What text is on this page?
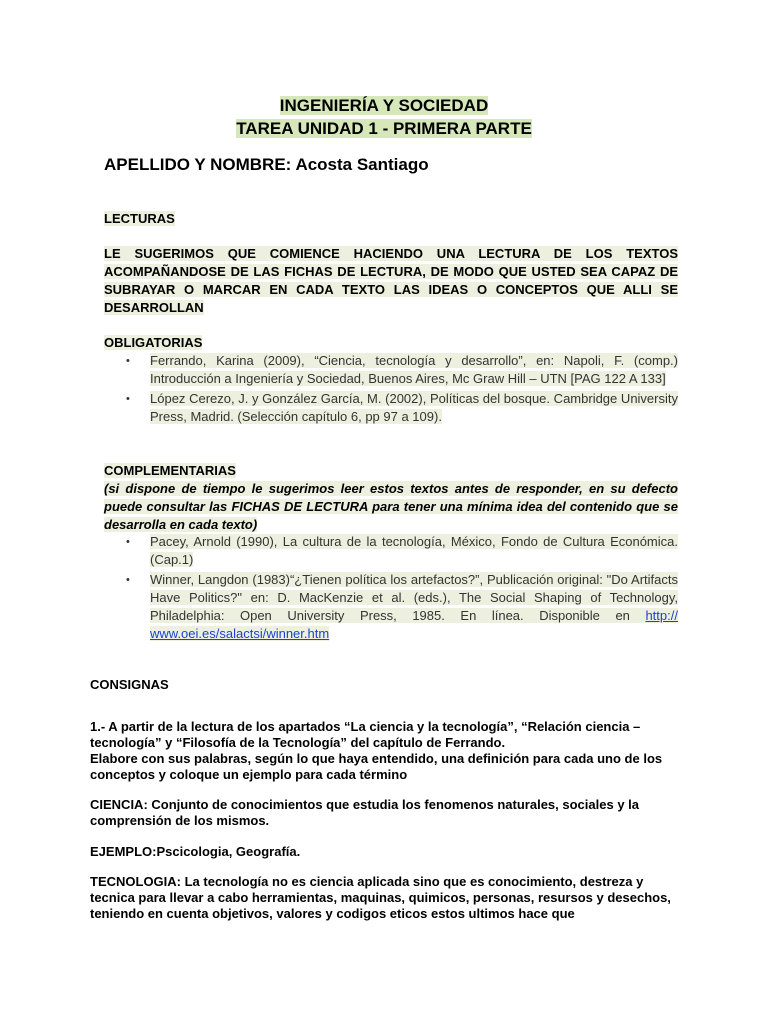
INGENIERÍA Y SOCIEDAD
TAREA UNIDAD 1 - PRIMERA PARTE
APELLIDO Y NOMBRE: Acosta Santiago
LECTURAS
LE SUGERIMOS QUE COMIENCE HACIENDO UNA LECTURA DE LOS TEXTOS ACOMPAÑANDOSE DE LAS FICHAS DE LECTURA, DE MODO QUE USTED SEA CAPAZ DE SUBRAYAR O MARCAR EN CADA TEXTO LAS IDEAS O CONCEPTOS QUE ALLI SE DESARROLLAN
OBLIGATORIAS
• Ferrando, Karina (2009), “Ciencia, tecnología y desarrollo”, en: Napoli, F. (comp.) Introducción a Ingeniería y Sociedad, Buenos Aires, Mc Graw Hill – UTN [PAG 122 A 133]
• López Cerezo, J. y González García, M. (2002), Políticas del bosque. Cambridge University Press, Madrid. (Selección capítulo 6, pp 97 a 109).
COMPLEMENTARIAS
(si dispone de tiempo le sugerimos leer estos textos antes de responder, en su defecto puede consultar las FICHAS DE LECTURA para tener una mínima idea del contenido que se desarrolla en cada texto)
• Pacey, Arnold (1990), La cultura de la tecnología, México, Fondo de Cultura Económica. (Cap.1)
• Winner, Langdon (1983)“¿Tienen política los artefactos?”, Publicación original: "Do Artifacts Have Politics?" en: D. MacKenzie et al. (eds.), The Social Shaping of Technology, Philadelphia: Open University Press, 1985. En línea. Disponible en http:// www.oei.es/salactsi/winner.htm
CONSIGNAS
1.- A partir de la lectura de los apartados “La ciencia y la tecnología”, “Relación ciencia – tecnología” y “Filosofía de la Tecnología” del capítulo de Ferrando.
Elabore con sus palabras, según lo que haya entendido, una definición para cada uno de los conceptos y coloque un ejemplo para cada término
CIENCIA: Conjunto de conocimientos que estudia los fenomenos naturales, sociales y la comprensión de los mismos.
EJEMPLO:Pscicologia, Geografía.
TECNOLOGIA: La tecnología no es ciencia aplicada sino que es conocimiento, destreza y tecnica para llevar a cabo herramientas, maquinas, quimicos, personas, resursos y desechos, teniendo en cuenta objetivos, valores y codigos eticos estos ultimos hace que
